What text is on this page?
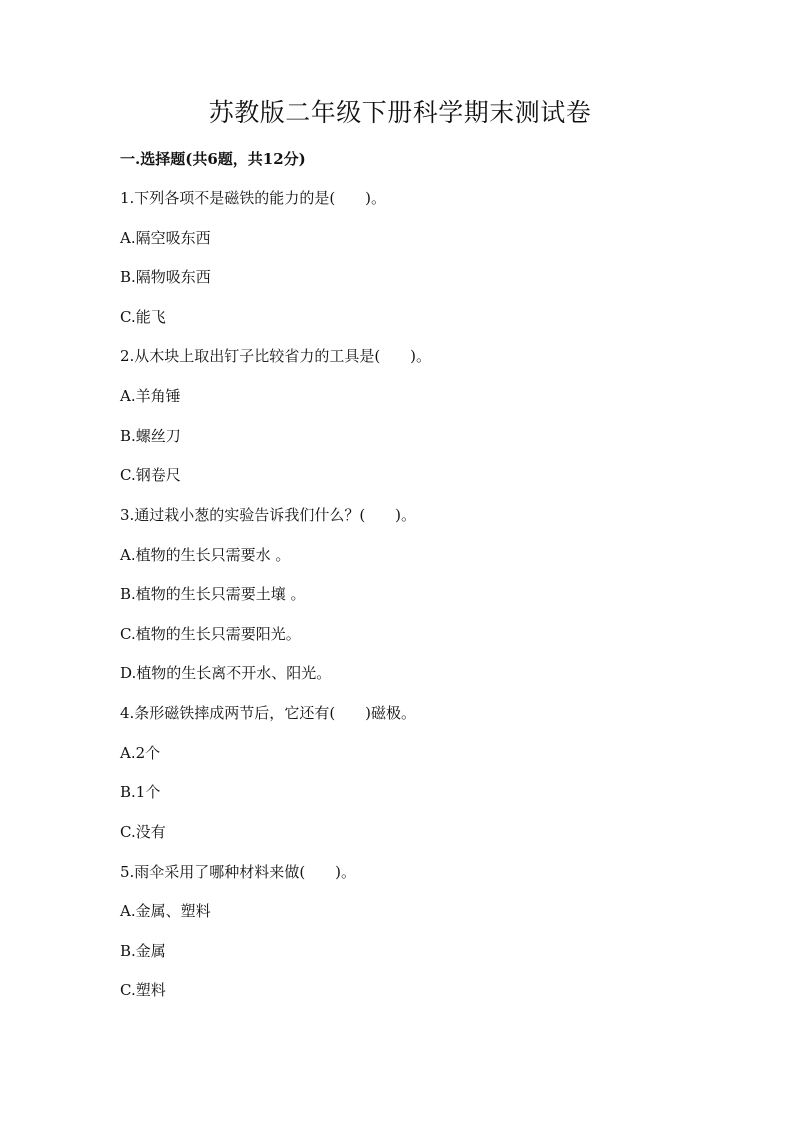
苏教版二年级下册科学期末测试卷
一.选择题(共6题，共12分)
1.下列各项不是磁铁的能力的是(　　)。
A.隔空吸东西
B.隔物吸东西
C.能飞
2.从木块上取出钉子比较省力的工具是(　　)。
A.羊角锤
B.螺丝刀
C.钢卷尺
3.通过栽小葱的实验告诉我们什么？(　　)。
A.植物的生长只需要水 。
B.植物的生长只需要土壤 。
C.植物的生长只需要阳光。
D.植物的生长离不开水、阳光。
4.条形磁铁摔成两节后，它还有(　　)磁极。
A.2个
B.1个
C.没有
5.雨伞采用了哪种材料来做(　　)。
A.金属、塑料
B.金属
C.塑料
